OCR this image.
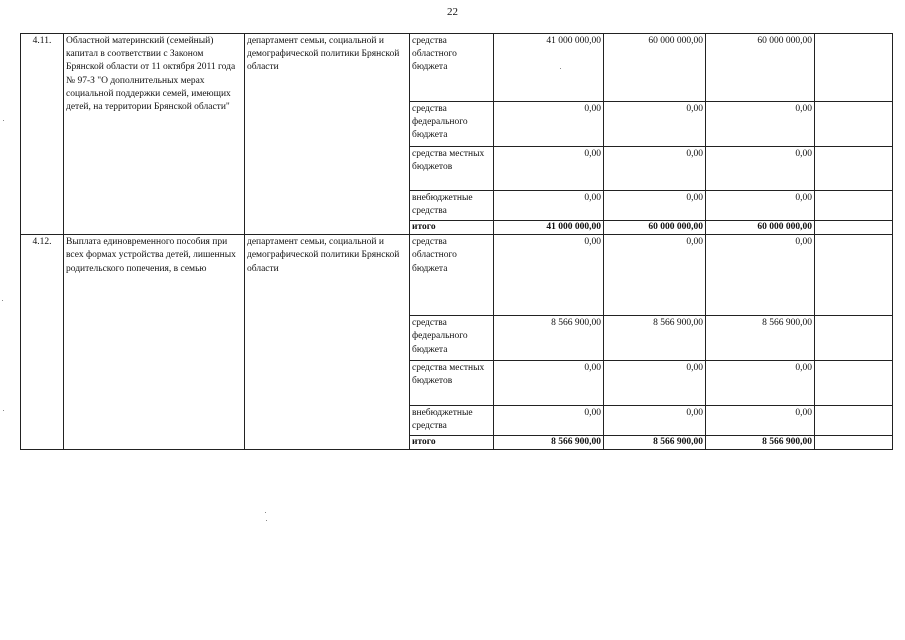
22
4.11.	Областной материнский (семейный) капитал в соответствии с Законом Брянской области от 11 октября 2011 года № 97-З "О дополнительных мерах социальной поддержки семей, имеющих детей, на территории Брянской области"	департамент семьи, социальной и демографической политики Брянской области	средства областного бюджета	41 000 000,00	60 000 000,00	60 000 000,00	
			средства федерального бюджета	0,00	0,00	0,00	
			средства местных бюджетов	0,00	0,00	0,00	
			внебюджетные средства	0,00	0,00	0,00	
			итого	41 000 000,00	60 000 000,00	60 000 000,00	
4.12.	Выплата единовременного пособия при всех формах устройства детей, лишенных родительского попечения, в семью	департамент семьи, социальной и демографической политики Брянской области	средства областного бюджета	0,00	0,00	0,00	
			средства федерального бюджета	8 566 900,00	8 566 900,00	8 566 900,00	
			средства местных бюджетов	0,00	0,00	0,00	
			внебюджетные средства	0,00	0,00	0,00	
			итого	8 566 900,00	8 566 900,00	8 566 900,00	
